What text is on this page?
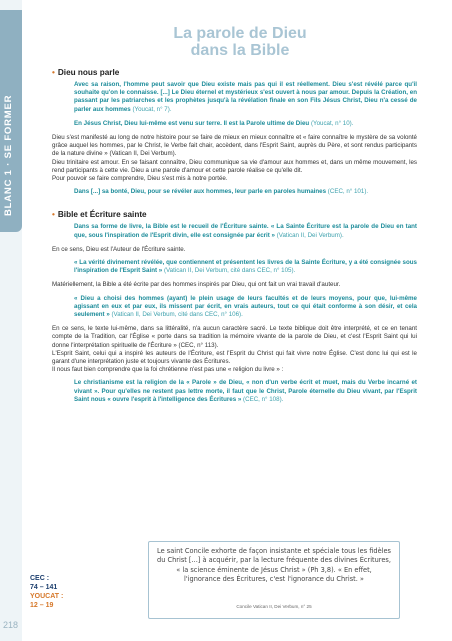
BLANC 1 · SE FORMER
218
La parole de Dieu
dans la Bible
• Dieu nous parle
Avec sa raison, l'homme peut savoir que Dieu existe mais pas qui il est réellement. Dieu s'est révélé parce qu'il souhaite qu'on le connaisse. [...] Le Dieu éternel et mystérieux s'est ouvert à nous par amour. Depuis la Création, en passant par les patriarches et les prophètes jusqu'à la révélation finale en son Fils Jésus Christ, Dieu n'a cessé de parler aux hommes (Youcat, n° 7).
En Jésus Christ, Dieu lui-même est venu sur terre. Il est la Parole ultime de Dieu (Youcat, n° 10).

Dieu s'est manifesté au long de notre histoire pour se faire de mieux en mieux connaître et « faire connaître le mystère de sa volonté grâce auquel les hommes, par le Christ, le Verbe fait chair, accèdent, dans l'Esprit Saint, auprès du Père, et sont rendus participants de la nature divine » (Vatican II, Dei Verbum).

Dieu trinitaire est amour. En se faisant connaître, Dieu communique sa vie d'amour aux hommes et, dans un même mouvement, les rend participants à cette vie. Dieu a une parole d'amour et cette parole réalise ce qu'elle dit.

Pour pouvoir se faire comprendre, Dieu s'est mis à notre portée.

Dans [...] sa bonté, Dieu, pour se révéler aux hommes, leur parle en paroles humaines (CEC, n° 101).
• Bible et Écriture sainte
Dans sa forme de livre, la Bible est le recueil de l'Écriture sainte. « La Sainte Écriture est la parole de Dieu en tant que, sous l'inspiration de l'Esprit divin, elle est consignée par écrit » (Vatican II, Dei Verbum).

En ce sens, Dieu est l'Auteur de l'Écriture sainte.

« La vérité divinement révélée, que contiennent et présentent les livres de la Sainte Écriture, y a été consignée sous l'inspiration de l'Esprit Saint » (Vatican II, Dei Verbum, cité dans CEC, n° 105).

Matériellement, la Bible a été écrite par des hommes inspirés par Dieu, qui ont fait un vrai travail d'auteur.

« Dieu a choisi des hommes (ayant) le plein usage de leurs facultés et de leurs moyens, pour que, lui-même agissant en eux et par eux, ils missent par écrit, en vrais auteurs, tout ce qui était conforme à son désir, et cela seulement » (Vatican II, Dei Verbum, cité dans CEC, n° 106).

En ce sens, le texte lui-même, dans sa littéralité, n'a aucun caractère sacré. Le texte biblique doit être interprété, et ce en tenant compte de la Tradition, car l'Église « porte dans sa tradition la mémoire vivante de la parole de Dieu, et c'est l'Esprit Saint qui lui donne l'interprétation spirituelle de l'Écriture » (CEC, n° 113).

L'Esprit Saint, celui qui a inspiré les auteurs de l'Écriture, est l'Esprit du Christ qui fait vivre notre Église. C'est donc lui qui est le garant d'une interprétation juste et toujours vivante des Écritures.

Il nous faut bien comprendre que la foi chrétienne n'est pas une « religion du livre » :

Le christianisme est la religion de la « Parole » de Dieu, « non d'un verbe écrit et muet, mais du Verbe incarné et vivant ». Pour qu'elles ne restent pas lettre morte, il faut que le Christ, Parole éternelle du Dieu vivant, par l'Esprit Saint nous « ouvre l'esprit à l'intelligence des Écritures » (CEC, n° 108).
CEC :
74 – 141
YOUCAT :
12 – 19
Le saint Concile exhorte de façon insistante et spéciale tous les fidèles du Christ [...] à acquérir, par la lecture fréquente des divines Écritures, « la science éminente de Jésus Christ » (Ph 3,8). « En effet, l'ignorance des Écritures, c'est l'ignorance du Christ. »
Concile Vatican II, Dei Verbum, n° 25
